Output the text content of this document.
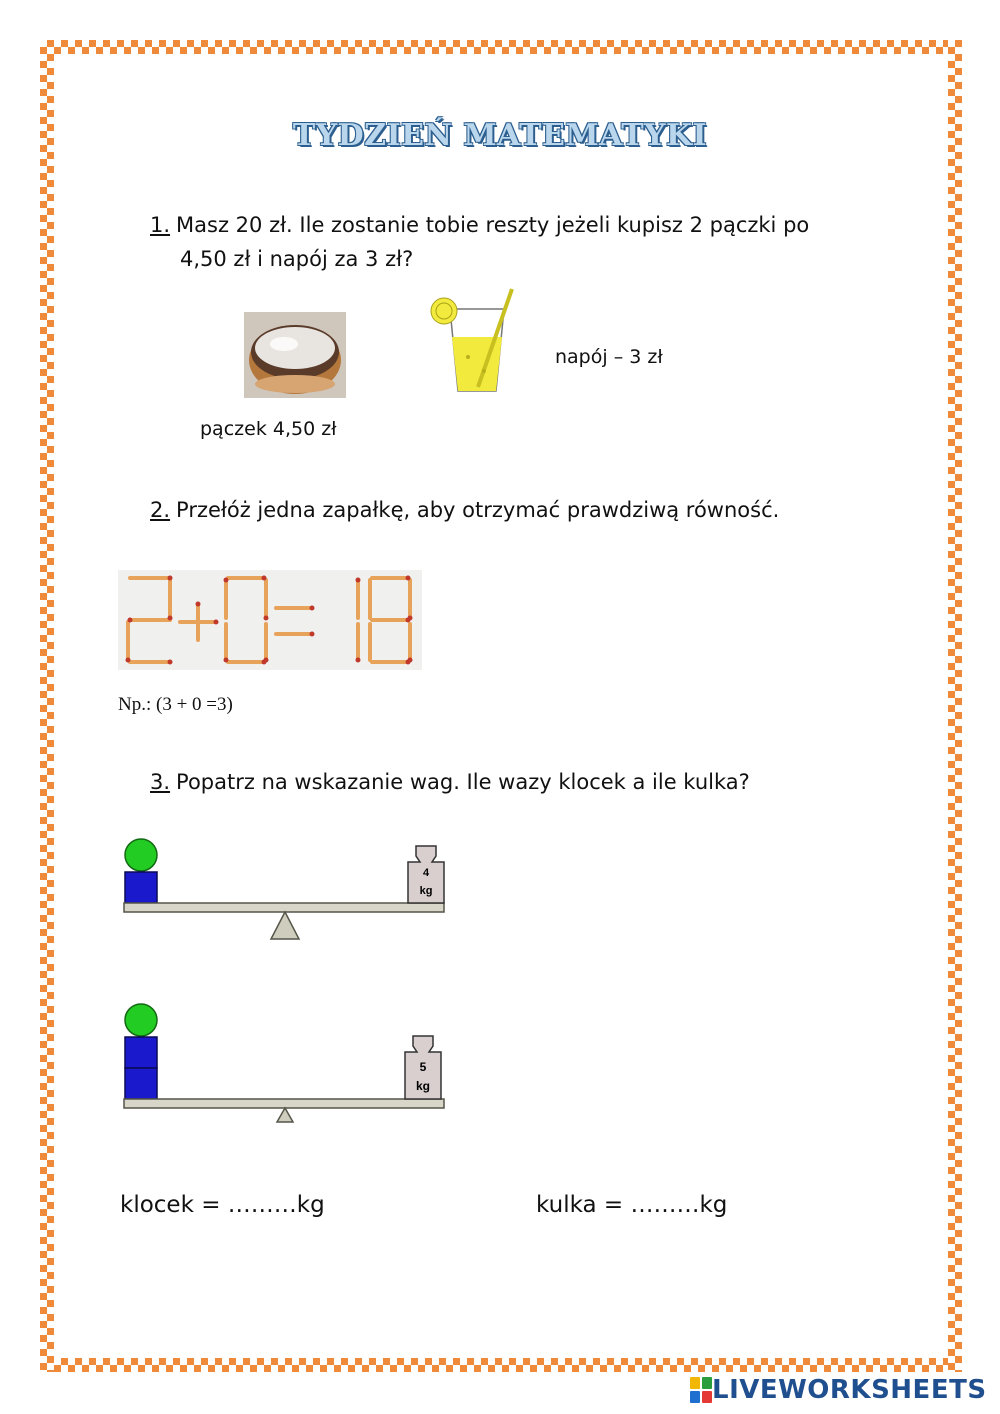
TYDZIEŃ MATEMATYKI
1. Masz 20 zł. Ile zostanie tobie reszty jeżeli kupisz 2 pączki po
4,50 zł i napój za 3 zł?
napój – 3 zł
pączek 4,50 zł
2. Przełóż jedna zapałkę, aby otrzymać prawdziwą równość.
Np.: (3 + 0 =3)
3. Popatrz na wskazanie wag. Ile wazy klocek a ile kulka?
4
kg
5
kg
klocek = ………kg	kulka = ………kg
LIVEWORKSHEETS
